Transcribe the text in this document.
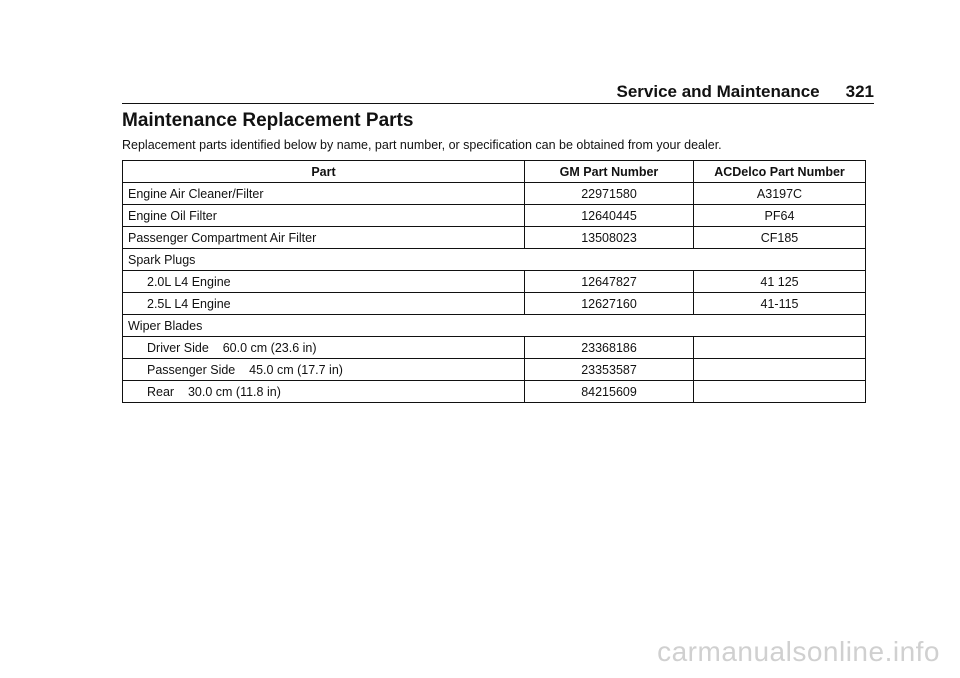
Service and Maintenance 321
Maintenance Replacement Parts
Replacement parts identified below by name, part number, or specification can be obtained from your dealer.
Part	GM Part Number	ACDelco Part Number
Engine Air Cleaner/Filter	22971580	A3197C
Engine Oil Filter	12640445	PF64
Passenger Compartment Air Filter	13508023	CF185
Spark Plugs		
2.0L L4 Engine	12647827	41 125
2.5L L4 Engine	12627160	41-115
Wiper Blades		
Driver Side    60.0 cm (23.6 in)	23368186	
Passenger Side    45.0 cm (17.7 in)	23353587	
Rear    30.0 cm (11.8 in)	84215609	
carmanualsonline.info
